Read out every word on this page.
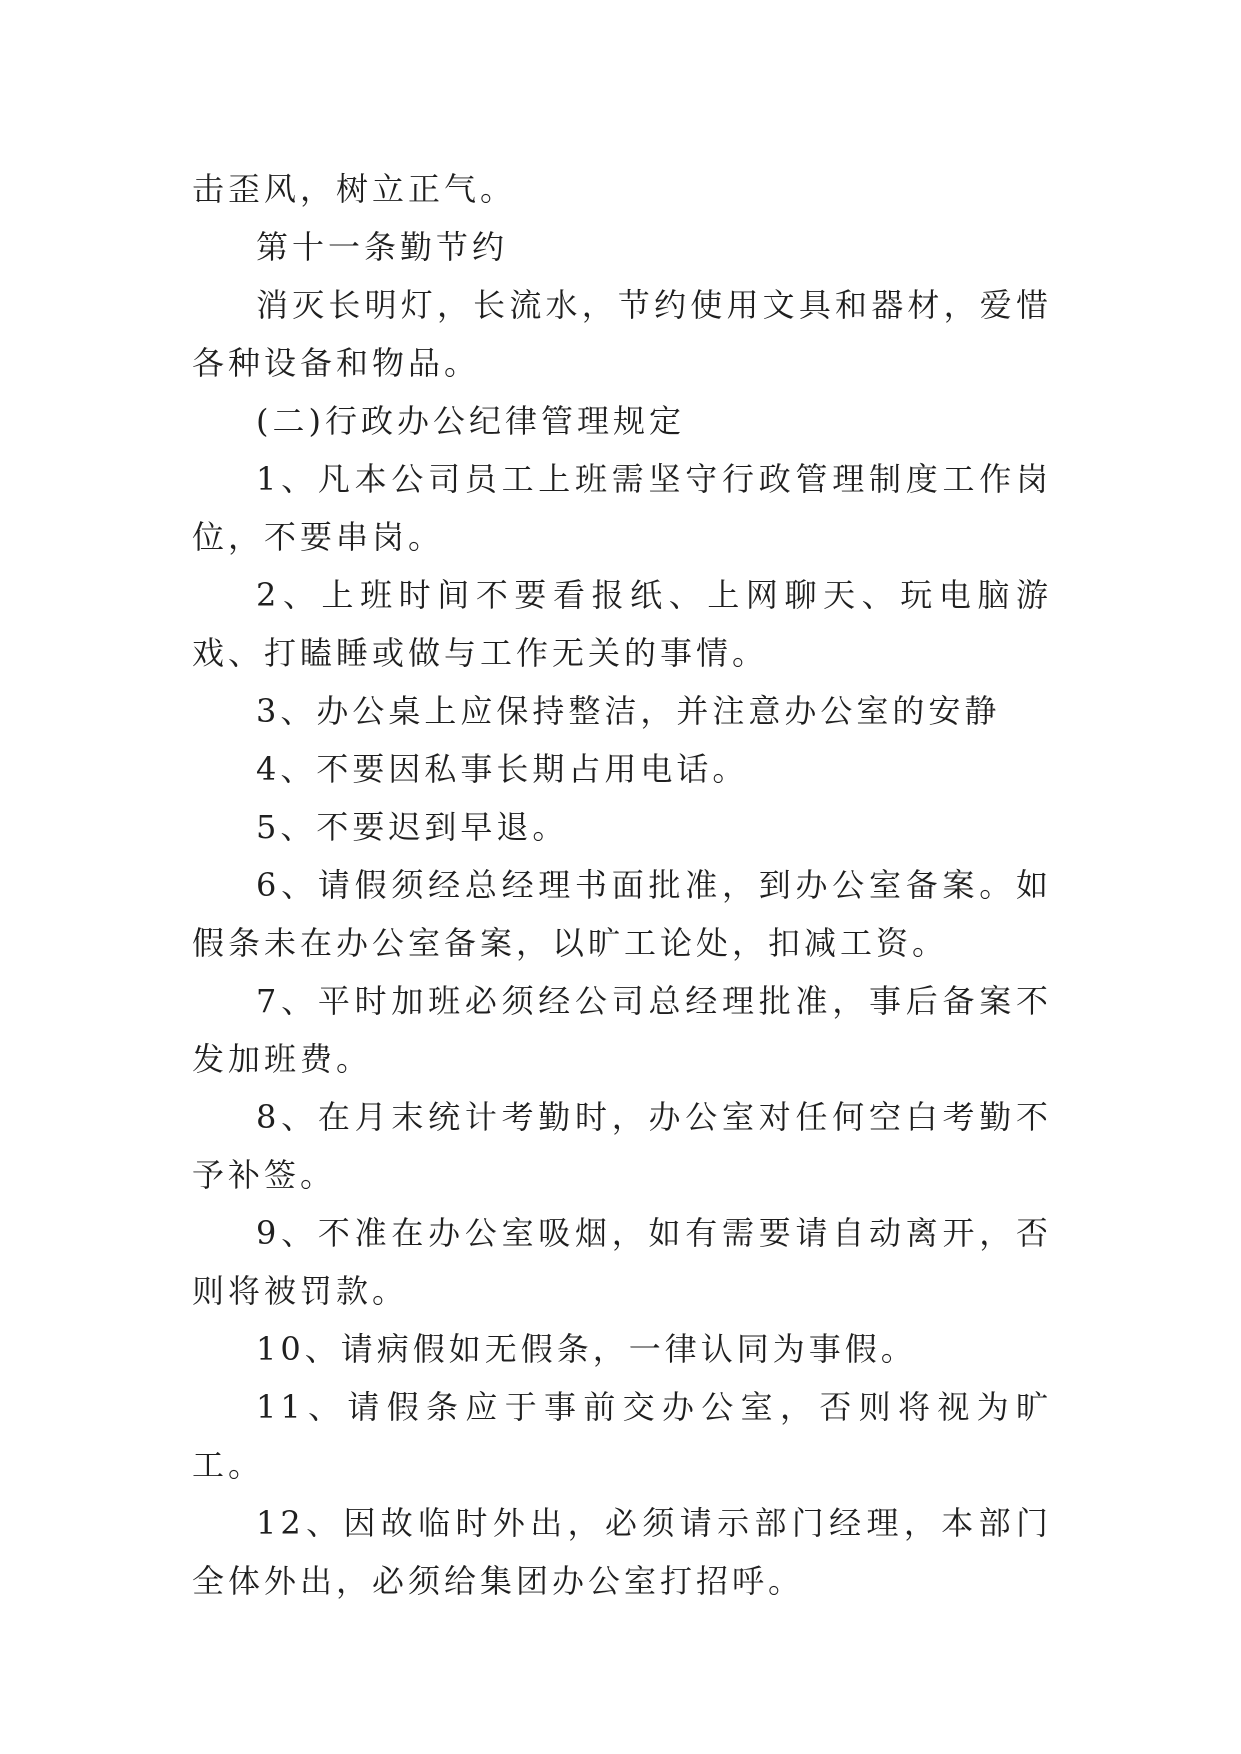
击歪风，树立正气。

第十一条勤节约

消灭长明灯，长流水，节约使用文具和器材，爱惜各种设备和物品。

(二)行政办公纪律管理规定

1、凡本公司员工上班需坚守行政管理制度工作岗位，不要串岗。

2、上班时间不要看报纸、上网聊天、玩电脑游戏、打瞌睡或做与工作无关的事情。

3、办公桌上应保持整洁，并注意办公室的安静

4、不要因私事长期占用电话。

5、不要迟到早退。

6、请假须经总经理书面批准，到办公室备案。如假条未在办公室备案，以旷工论处，扣减工资。

7、平时加班必须经公司总经理批准，事后备案不发加班费。

8、在月末统计考勤时，办公室对任何空白考勤不予补签。

9、不准在办公室吸烟，如有需要请自动离开，否则将被罚款。

10、请病假如无假条，一律认同为事假。

11、请假条应于事前交办公室，否则将视为旷工。

12、因故临时外出，必须请示部门经理，本部门全体外出，必须给集团办公室打招呼。
